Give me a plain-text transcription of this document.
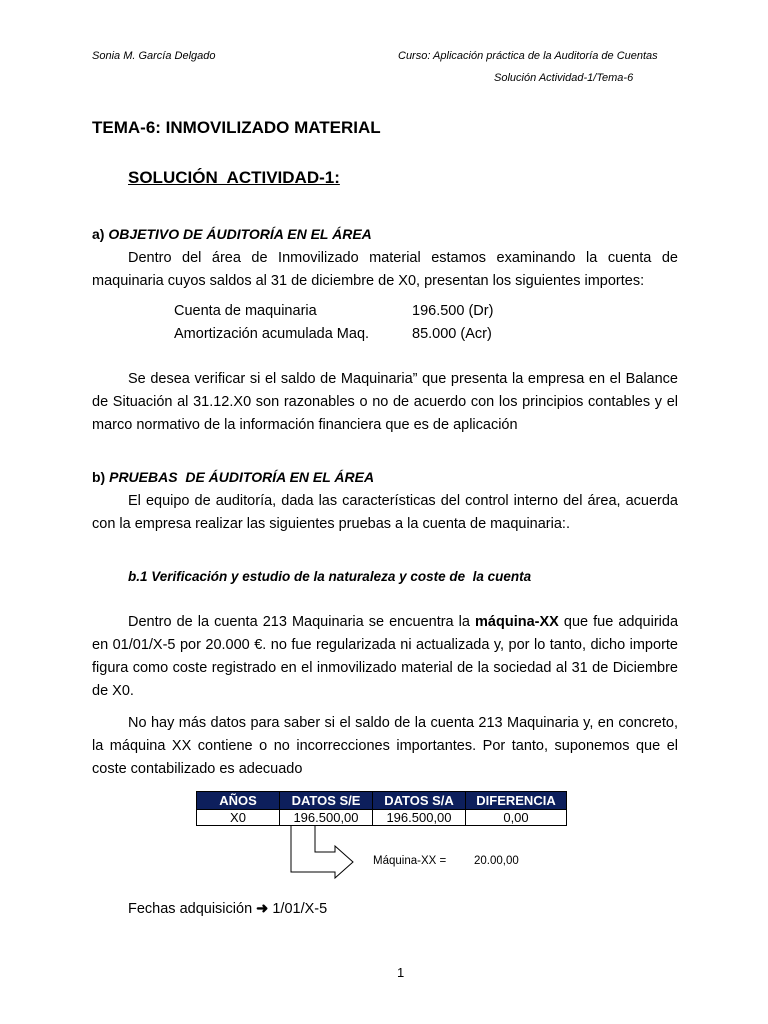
Sonia M. García Delgado	Curso: Aplicación práctica de la Auditoría de Cuentas
Solución Actividad-1/Tema-6
TEMA-6: INMOVILIZADO MATERIAL
SOLUCIÓN  ACTIVIDAD-1:
a) OBJETIVO DE ÁUDITORÍA EN EL ÁREA
Dentro del área de Inmovilizado material estamos examinando la cuenta de maquinaria cuyos saldos al 31 de diciembre de X0, presentan los siguientes importes:
Cuenta de maquinaria	196.500 (Dr)
Amortización acumulada Maq.	85.000 (Acr)
Se desea verificar si el saldo de Maquinaria” que presenta la empresa en el Balance de Situación al 31.12.X0 son razonables o no de acuerdo con los principios contables y el marco normativo de la información financiera que es de aplicación
b) PRUEBAS  DE ÁUDITORÍA EN EL ÁREA
El equipo de auditoría, dada las características del control interno del área, acuerda con la empresa realizar las siguientes pruebas a la cuenta de maquinaria:.
b.1 Verificación y estudio de la naturaleza y coste de  la cuenta
Dentro de la cuenta 213 Maquinaria se encuentra la máquina-XX que fue adquirida en 01/01/X-5 por 20.000 €. no fue regularizada ni actualizada y, por lo tanto, dicho importe figura como coste registrado en el inmovilizado material de la sociedad al 31 de Diciembre de X0.
No hay más datos para saber si el saldo de la cuenta 213 Maquinaria y, en concreto, la máquina XX contiene o no incorrecciones importantes. Por tanto, suponemos que el coste contabilizado es adecuado
AÑOS	DATOS S/E	DATOS S/A	DIFERENCIA
X0	196.500,00	196.500,00	0,00
Máquina-XX = 20.00,00
Fechas adquisición ➜ 1/01/X-5
1
